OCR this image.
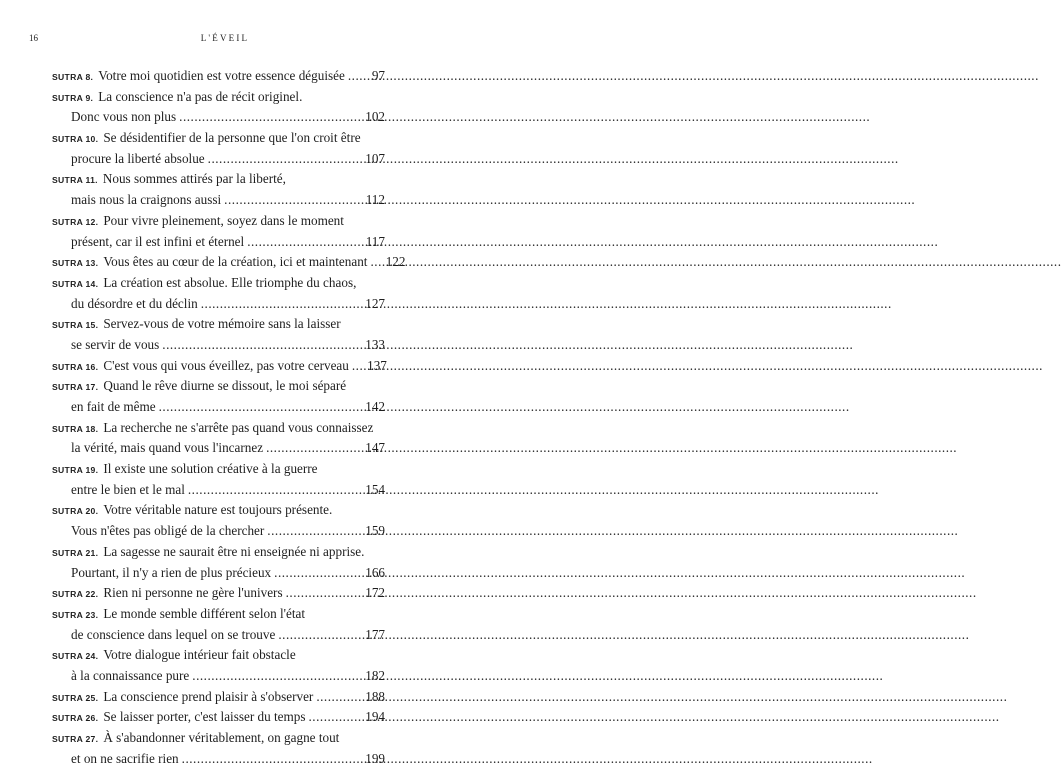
16	L'ÉVEIL
SUTRA 8. Votre moi quotidien est votre essence déguisée .....	97
SUTRA 9. La conscience n'a pas de récit originel.
Donc vous non plus .....	102
SUTRA 10. Se désidentifier de la personne que l'on croit être
procure la liberté absolue .....	107
SUTRA 11. Nous sommes attirés par la liberté,
mais nous la craignons aussi .....	112
SUTRA 12. Pour vivre pleinement, soyez dans le moment
présent, car il est infini et éternel .....	117
SUTRA 13. Vous êtes au cœur de la création, ici et maintenant ..... 122
SUTRA 14. La création est absolue. Elle triomphe du chaos,
du désordre et du déclin .....	127
SUTRA 15. Servez-vous de votre mémoire sans la laisser
se servir de vous .....	133
SUTRA 16. C'est vous qui vous éveillez, pas votre cerveau ..... 137
SUTRA 17. Quand le rêve diurne se dissout, le moi séparé
en fait de même .....	142
SUTRA 18. La recherche ne s'arrête pas quand vous connaissez
la vérité, mais quand vous l'incarnez .....	147
SUTRA 19. Il existe une solution créative à la guerre
entre le bien et le mal .....	154
SUTRA 20. Votre véritable nature est toujours présente.
Vous n'êtes pas obligé de la chercher .....	159
SUTRA 21. La sagesse ne saurait être ni enseignée ni apprise.
Pourtant, il n'y a rien de plus précieux .....	166
SUTRA 22. Rien ni personne ne gère l'univers .....	172
SUTRA 23. Le monde semble différent selon l'état
de conscience dans lequel on se trouve .....	177
SUTRA 24. Votre dialogue intérieur fait obstacle
à la connaissance pure .....	182
SUTRA 25. La conscience prend plaisir à s'observer .....	188
SUTRA 26. Se laisser porter, c'est laisser du temps .....	194
SUTRA 27. À s'abandonner véritablement, on gagne tout
et on ne sacrifie rien .....	199
